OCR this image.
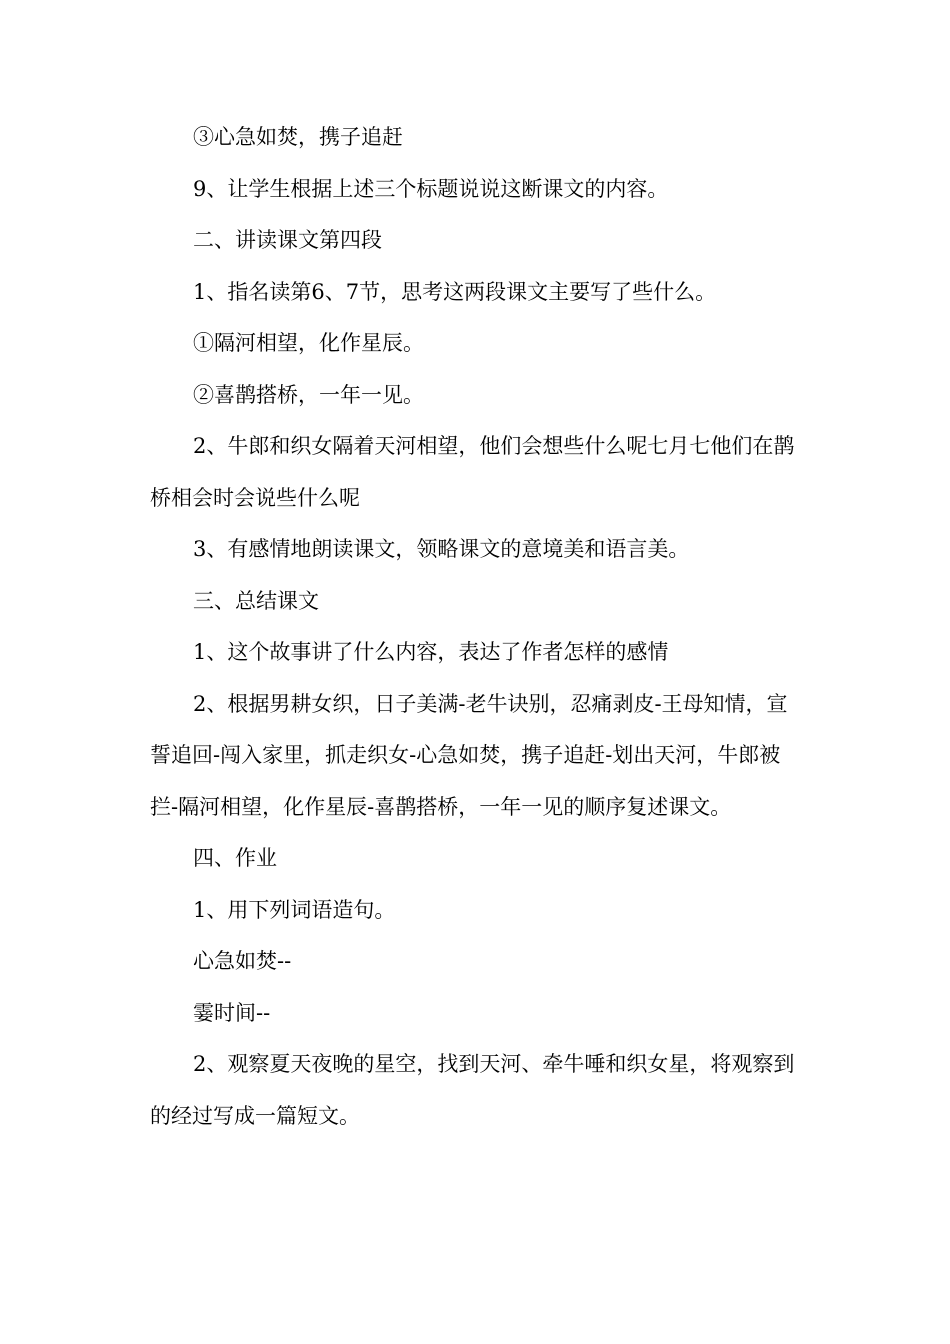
③心急如焚，携子追赶

9、让学生根据上述三个标题说说这断课文的内容。

二、讲读课文第四段

1、指名读第6、7节，思考这两段课文主要写了些什么。

①隔河相望，化作星辰。

②喜鹊搭桥，一年一见。

2、牛郎和织女隔着天河相望，他们会想些什么呢七月七他们在鹊桥相会时会说些什么呢

3、有感情地朗读课文，领略课文的意境美和语言美。

三、总结课文

1、这个故事讲了什么内容，表达了作者怎样的感情

2、根据男耕女织，日子美满-老牛诀别，忍痛剥皮-王母知情，宣誓追回-闯入家里，抓走织女-心急如焚，携子追赶-划出天河，牛郎被拦-隔河相望，化作星辰-喜鹊搭桥，一年一见的顺序复述课文。

四、作业

1、用下列词语造句。

心急如焚--

霎时间--

2、观察夏天夜晚的星空，找到天河、牵牛唾和织女星，将观察到的经过写成一篇短文。
